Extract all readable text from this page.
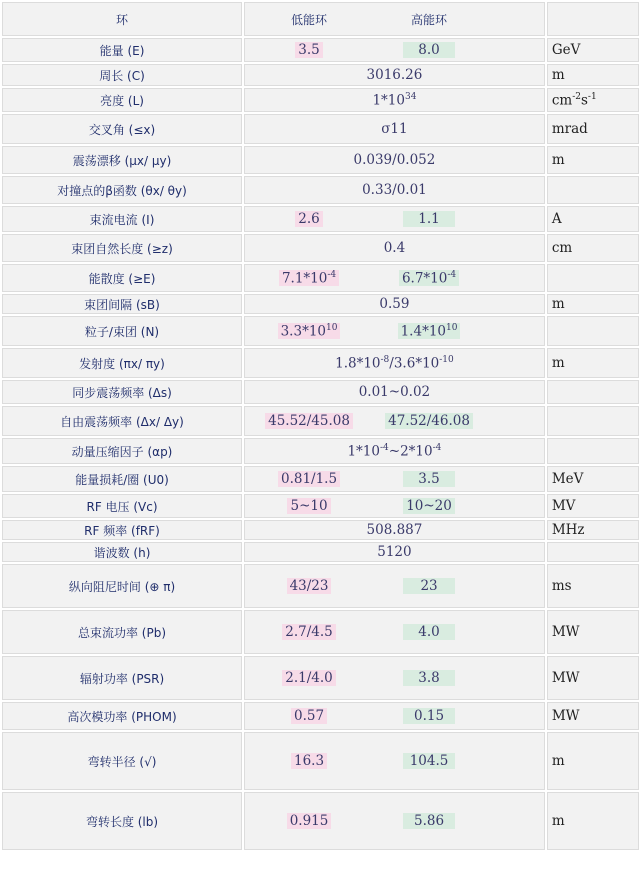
环	低能环 高能环	

能量 (E)	3.5 8.0	GeV
周长 (C)	3016.26	m
亮度 (L)	$1*10^{34}$	$cm^{-2}s^{-1}$
交叉角 (≤x)	σ11	mrad
震荡漂移 (μx/ μy)	0.039/0.052	m
对撞点的β函数 (θx/ θy)	0.33/0.01	

束流电流 (I)	2.6 1.1	A
束团自然长度 (≥z)	0.4	cm
能散度 (≥E)	$7.1*10^{-4}$ $6.7*10^{-4}$

束团间隔 (sB)	0.59	m
粒子/束团 (N)	$3.3*10^{10}$ $1.4*10^{10}$

发射度 (πx/ πy)	$1.8*10^{-8}/3.6*10^{-10}$	m
同步震荡频率 (Δs)	0.01~0.02	

自由震荡频率 (Δx/ Δy)	45.52/45.08 47.52/46.08	

动量压缩因子 (αp)	$1*10^{-4}\sim 2*10^{-4}$

能量损耗/圈 (U0)	0.81/1.5 3.5	MeV
RF 电压 (Vc)	5~10 10~20	MV
RF 频率 (fRF)	508.887	MHz
谐波数 (h)	5120	

纵向阻尼时间 (⊕ π)	43/23 23	ms
总束流功率 (Pb)	2.7/4.5 4.0	MW
辐射功率 (PSR)	2.1/4.0 3.8	MW
高次模功率 (PHOM)	0.57 0.15	MW
弯转半径 (√)	16.3 104.5	m
弯转长度 (lb)	0.915 5.86	m
